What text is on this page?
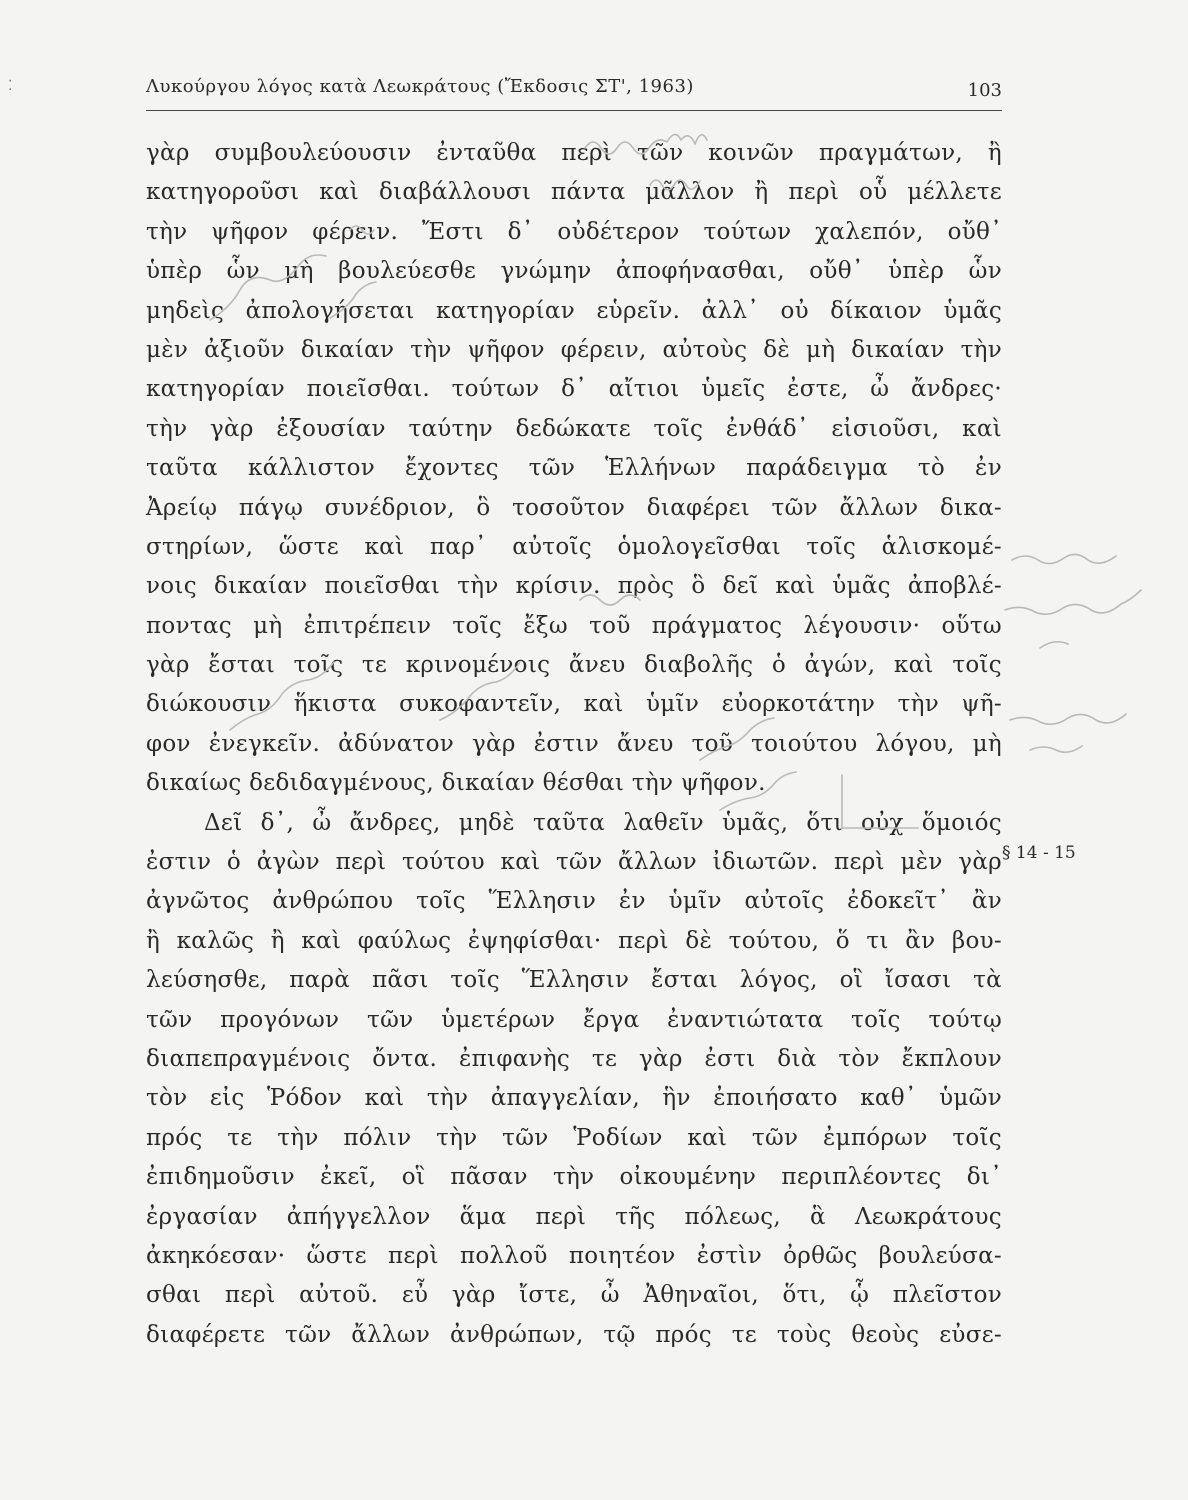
⁚	Λυκούργου λόγος κατὰ Λεωκράτους (Ἔκδοσις ΣΤ', 1963)	103
γὰρ συμβουλεύουσιν ἐνταῦθα περὶ τῶν κοινῶν πραγμάτων, ἢ
κατηγοροῦσι καὶ διαβάλλουσι πάντα μᾶλλον ἢ περὶ οὗ μέλλετε
τὴν ψῆφον φέρειν. Ἔστι δ᾽ οὐδέτερον τούτων χαλεπόν, οὔθ᾽
ὑπὲρ ὧν μὴ βουλεύεσθε γνώμην ἀποφήνασθαι, οὔθ᾽ ὑπὲρ ὧν
μηδεὶς ἀπολογήσεται κατηγορίαν εὑρεῖν. ἀλλ᾽ οὐ δίκαιον ὑμᾶς
μὲν ἀξιοῦν δικαίαν τὴν ψῆφον φέρειν, αὐτοὺς δὲ μὴ δικαίαν τὴν
κατηγορίαν ποιεῖσθαι. τούτων δ᾽ αἴτιοι ὑμεῖς ἐστε, ὦ ἄνδρες·
τὴν γὰρ ἐξουσίαν ταύτην δεδώκατε τοῖς ἐνθάδ᾽ εἰσιοῦσι, καὶ
ταῦτα κάλλιστον ἔχοντες τῶν Ἑλλήνων παράδειγμα τὸ ἐν
Ἀρείῳ πάγῳ συνέδριον, ὃ τοσοῦτον διαφέρει τῶν ἄλλων δικα-
στηρίων, ὥστε καὶ παρ᾽ αὐτοῖς ὁμολογεῖσθαι τοῖς ἁλισκομέ-
νοις δικαίαν ποιεῖσθαι τὴν κρίσιν. πρὸς ὃ δεῖ καὶ ὑμᾶς ἀποβλέ-
ποντας μὴ ἐπιτρέπειν τοῖς ἔξω τοῦ πράγματος λέγουσιν· οὕτω
γὰρ ἔσται τοῖς τε κρινομένοις ἄνευ διαβολῆς ὁ ἀγών, καὶ τοῖς
διώκουσιν ἥκιστα συκοφαντεῖν, καὶ ὑμῖν εὐορκοτάτην τὴν ψῆ-
φον ἐνεγκεῖν. ἀδύνατον γὰρ ἐστιν ἄνευ τοῦ τοιούτου λόγου, μὴ
δικαίως δεδιδαγμένους, δικαίαν θέσθαι τὴν ψῆφον.
Δεῖ δ᾽, ὦ ἄνδρες, μηδὲ ταῦτα λαθεῖν ὑμᾶς, ὅτι οὐχ ὅμοιός
ἐστιν ὁ ἀγὼν περὶ τούτου καὶ τῶν ἄλλων ἰδιωτῶν. περὶ μὲν γὰρ
ἀγνῶτος ἀνθρώπου τοῖς Ἕλλησιν ἐν ὑμῖν αὐτοῖς ἐδοκεῖτ᾽ ἂν
ἢ καλῶς ἢ καὶ φαύλως ἐψηφίσθαι· περὶ δὲ τούτου, ὅ τι ἂν βου-
λεύσησθε, παρὰ πᾶσι τοῖς Ἕλλησιν ἔσται λόγος, οἳ ἴσασι τὰ
τῶν προγόνων τῶν ὑμετέρων ἔργα ἐναντιώτατα τοῖς τούτῳ
διαπεπραγμένοις ὄντα. ἐπιφανὴς τε γὰρ ἐστι διὰ τὸν ἔκπλουν
τὸν εἰς Ῥόδον καὶ τὴν ἀπαγγελίαν, ἣν ἐποιήσατο καθ᾽ ὑμῶν
πρός τε τὴν πόλιν τὴν τῶν Ῥοδίων καὶ τῶν ἐμπόρων τοῖς
ἐπιδημοῦσιν ἐκεῖ, οἳ πᾶσαν τὴν οἰκουμένην περιπλέοντες δι᾽
ἐργασίαν ἀπήγγελλον ἅμα περὶ τῆς πόλεως, ἃ Λεωκράτους
ἀκηκόεσαν· ὥστε περὶ πολλοῦ ποιητέον ἐστὶν ὀρθῶς βουλεύσα-
σθαι περὶ αὐτοῦ. εὖ γὰρ ἴστε, ὦ Ἀθηναῖοι, ὅτι, ᾧ πλεῖστον
διαφέρετε τῶν ἄλλων ἀνθρώπων, τῷ πρός τε τοὺς θεοὺς εὐσε-
§ 14 - 15
